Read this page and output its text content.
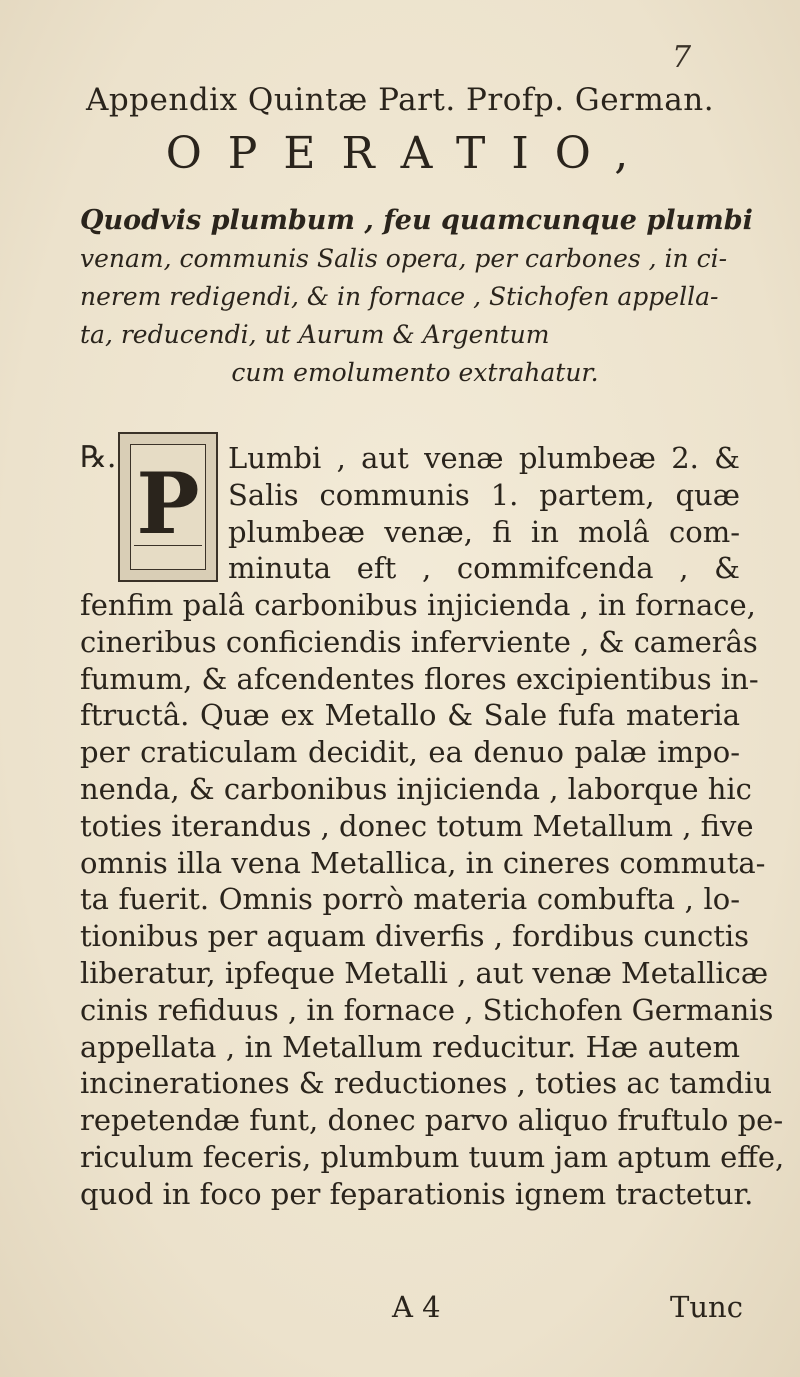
7
Appendix Quintæ Part. Profp. German.
OPERATIO,
Quodvis plumbum , feu quamcunque plumbi
venam, communis Salis opera, per carbones , in ci-
nerem redigendi, & in fornace , Stichofen appella-
ta, reducendi, ut Aurum & Argentum
cum emolumento extrahatur.
℞. P Lumbi , aut venæ plumbeæ 2. &
Salis communis 1. partem, quæ
plumbeæ venæ, fi in molâ com-
minuta eft , commifcenda , &
fenfim palâ carbonibus injicienda , in fornace,
cineribus conficiendis inferviente , & camerâs
fumum, & afcendentes flores excipientibus in-
ftructâ. Quæ ex Metallo & Sale fufa materia
per craticulam decidit, ea denuo palæ impo-
nenda, & carbonibus injicienda , laborque hic
toties iterandus , donec totum Metallum , five
omnis illa vena Metallica, in cineres commuta-
ta fuerit. Omnis porrò materia combufta , lo-
tionibus per aquam diverfis , fordibus cunctis
liberatur, ipfeque Metalli , aut venæ Metallicæ
cinis refiduus , in fornace , Stichofen Germanis
appellata , in Metallum reducitur. Hæ autem
incinerationes & reductiones , toties ac tamdiu
repetendæ funt, donec parvo aliquo fruftulo pe-
riculum feceris, plumbum tuum jam aptum effe,
quod in foco per feparationis ignem tractetur.
A 4	Tunc
